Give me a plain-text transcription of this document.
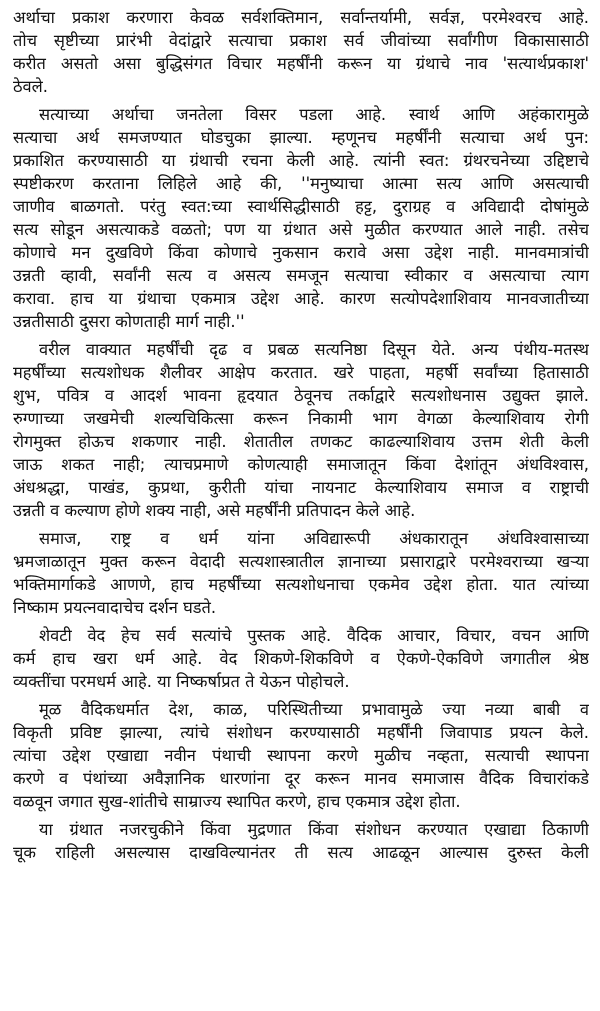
अर्थाचा प्रकाश करणारा केवळ सर्वशक्तिमान, सर्वान्तर्यामी, सर्वज्ञ, परमेश्वरच आहे.
तोच सृष्टीच्या प्रारंभी वेदांद्वारे सत्याचा प्रकाश सर्व जीवांच्या सर्वांगीण विकासासाठी
करीत असतो असा बुद्धिसंगत विचार महर्षींनी करून या ग्रंथाचे नाव 'सत्यार्थप्रकाश'
ठेवले.
सत्याच्या अर्थाचा जनतेला विसर पडला आहे. स्वार्थ आणि अहंकारामुळे
सत्याचा अर्थ समजण्यात घोडचुका झाल्या. म्हणूनच महर्षींनी सत्याचा अर्थ पुन:
प्रकाशित करण्यासाठी या ग्रंथाची रचना केली आहे. त्यांनी स्वत: ग्रंथरचनेच्या उद्दिष्टाचे
स्पष्टीकरण करताना लिहिले आहे की, ''मनुष्याचा आत्मा सत्य आणि असत्याची
जाणीव बाळगतो. परंतु स्वत:च्या स्वार्थसिद्धीसाठी हट्ट, दुराग्रह व अविद्यादी दोषांमुळे
सत्य सोडून असत्याकडे वळतो; पण या ग्रंथात असे मुळीत करण्यात आले नाही. तसेच
कोणाचे मन दुखविणे किंवा कोणाचे नुकसान करावे असा उद्देश नाही. मानवमात्रांची
उन्नती व्हावी, सर्वांनी सत्य व असत्य समजून सत्याचा स्वीकार व असत्याचा त्याग
करावा. हाच या ग्रंथाचा एकमात्र उद्देश आहे. कारण सत्योपदेशाशिवाय मानवजातीच्या
उन्नतीसाठी दुसरा कोणताही मार्ग नाही.''
वरील वाक्यात महर्षींची दृढ व प्रबळ सत्यनिष्ठा दिसून येते. अन्य पंथीय-मतस्थ
महर्षींच्या सत्यशोधक शैलीवर आक्षेप करतात. खरे पाहता, महर्षी सर्वांच्या हितासाठी
शुभ, पवित्र व आदर्श भावना हृदयात ठेवूनच तर्काद्वारे सत्यशोधनास उद्युक्त झाले.
रुग्णाच्या जखमेची शल्यचिकित्सा करून निकामी भाग वेगळा केल्याशिवाय रोगी
रोगमुक्त होऊच शकणार नाही. शेतातील तणकट काढल्याशिवाय उत्तम शेती केली
जाऊ शकत नाही; त्याचप्रमाणे कोणत्याही समाजातून किंवा देशांतून अंधविश्वास,
अंधश्रद्धा, पाखंड, कुप्रथा, कुरीती यांचा नायनाट केल्याशिवाय समाज व राष्ट्राची
उन्नती व कल्याण होणे शक्य नाही, असे महर्षींनी प्रतिपादन केले आहे.
समाज, राष्ट्र व धर्म यांना अविद्यारूपी अंधकारातून अंधविश्वासाच्या
भ्रमजाळातून मुक्त करून वेदादी सत्यशास्त्रातील ज्ञानाच्या प्रसाराद्वारे परमेश्वराच्या खऱ्या
भक्तिमार्गाकडे आणणे, हाच महर्षींच्या सत्यशोधनाचा एकमेव उद्देश होता. यात त्यांच्या
निष्काम प्रयत्नवादाचेच दर्शन घडते.
शेवटी वेद हेच सर्व सत्यांचे पुस्तक आहे. वैदिक आचार, विचार, वचन आणि
कर्म हाच खरा धर्म आहे. वेद शिकणे-शिकविणे व ऐकणे-ऐकविणे जगातील श्रेष्ठ
व्यक्तींचा परमधर्म आहे. या निष्कर्षाप्रत ते येऊन पोहोचले.
मूळ वैदिकधर्मात देश, काळ, परिस्थितीच्या प्रभावामुळे ज्या नव्या बाबी व
विकृती प्रविष्ट झाल्या, त्यांचे संशोधन करण्यासाठी महर्षींनी जिवापाड प्रयत्न केले.
त्यांचा उद्देश एखाद्या नवीन पंथाची स्थापना करणे मुळीच नव्हता, सत्याची स्थापना
करणे व पंथांच्या अवैज्ञानिक धारणांना दूर करून मानव समाजास वैदिक विचारांकडे
वळवून जगात सुख-शांतीचे साम्राज्य स्थापित करणे, हाच एकमात्र उद्देश होता.
या ग्रंथात नजरचुकीने किंवा मुद्रणात किंवा संशोधन करण्यात एखाद्या ठिकाणी
चूक राहिली असल्यास दाखविल्यानंतर ती सत्य आढळून आल्यास दुरुस्त केली
